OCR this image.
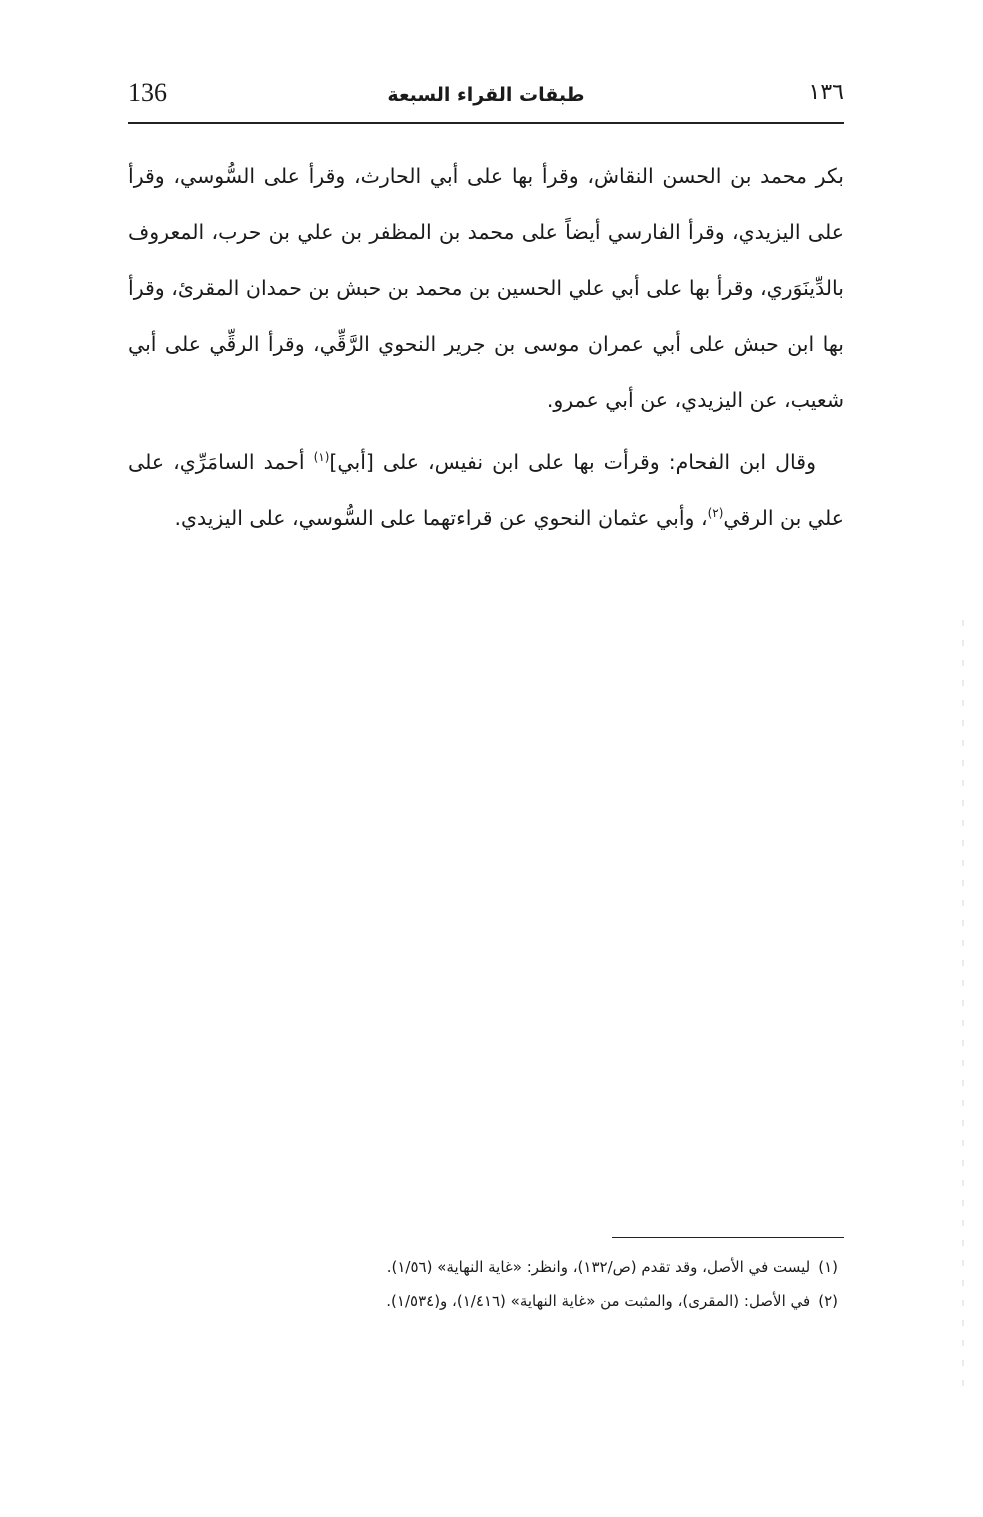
136	طبقات القراء السبعة	١٣٦

بكر محمد بن الحسن النقاش، وقرأ بها على أبي الحارث، وقرأ على السُّوسي، وقرأ على اليزيدي، وقرأ الفارسي أيضاً على محمد بن المظفر بن علي بن حرب، المعروف بالدِّينَوَري، وقرأ بها على أبي علي الحسين بن محمد بن حبش بن حمدان المقرئ، وقرأ بها ابن حبش على أبي عمران موسى بن جرير النحوي الرَّقِّي، وقرأ الرقِّي على أبي شعيب، عن اليزيدي، عن أبي عمرو.

وقال ابن الفحام: وقرأت بها على ابن نفيس، على [أبي]$^{(١)}$ أحمد السامَرِّي، على علي بن الرقي$^{(٢)}$، وأبي عثمان النحوي عن قراءتهما على السُّوسي، على اليزيدي.

(١)ليست في الأصل، وقد تقدم (ص/١٣٢)، وانظر: «غاية النهاية» (١/٥٦).
(٢)في الأصل: (المقرى)، والمثبت من «غاية النهاية» (١/٤١٦)، و(١/٥٣٤).
